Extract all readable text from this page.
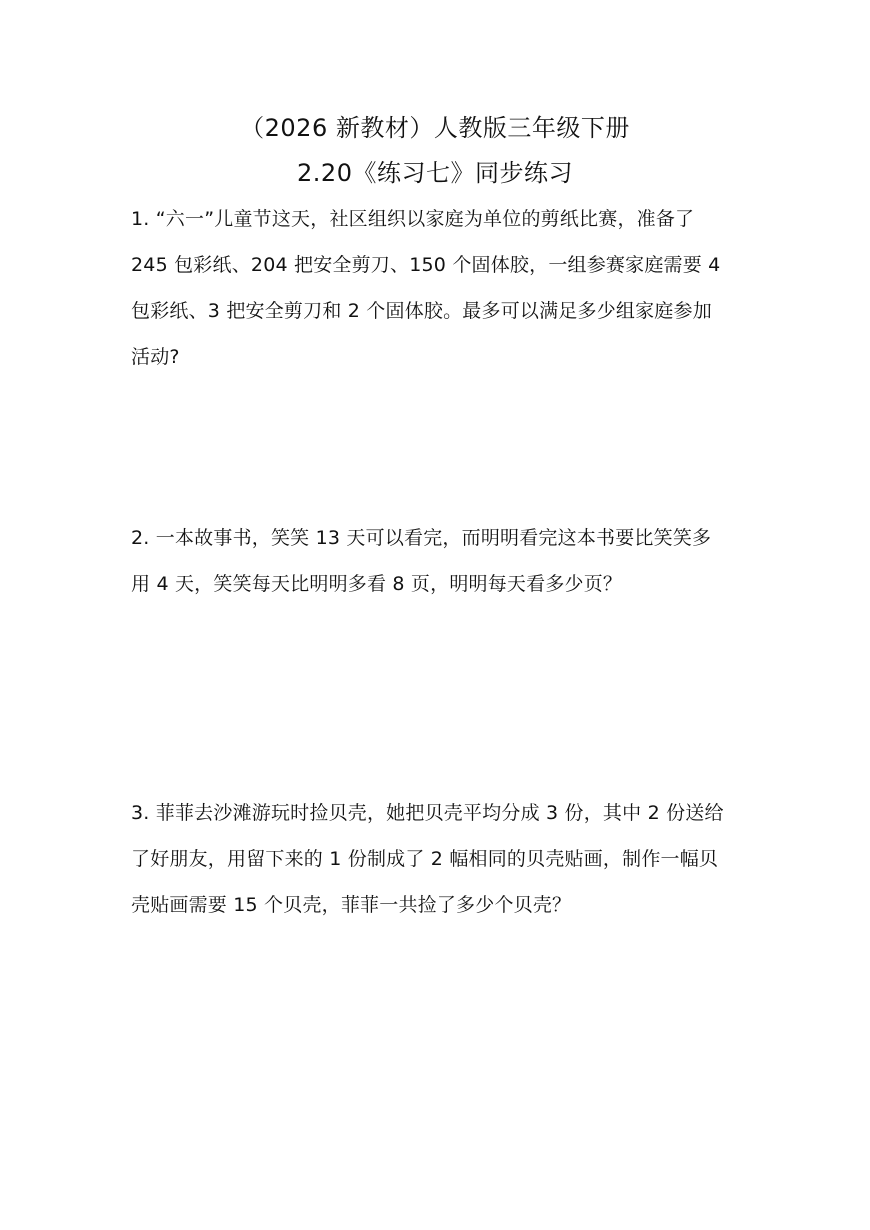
（2026 新教材）人教版三年级下册
2.20《练习七》同步练习
1. “六一”儿童节这天，社区组织以家庭为单位的剪纸比赛，准备了
245 包彩纸、204 把安全剪刀、150 个固体胶，一组参赛家庭需要 4
包彩纸、3 把安全剪刀和 2 个固体胶。最多可以满足多少组家庭参加
活动?
2. 一本故事书，笑笑 13 天可以看完，而明明看完这本书要比笑笑多
用 4 天，笑笑每天比明明多看 8 页，明明每天看多少页？
3. 菲菲去沙滩游玩时捡贝壳，她把贝壳平均分成 3 份，其中 2 份送给
了好朋友，用留下来的 1 份制成了 2 幅相同的贝壳贴画，制作一幅贝
壳贴画需要 15 个贝壳，菲菲一共捡了多少个贝壳？
